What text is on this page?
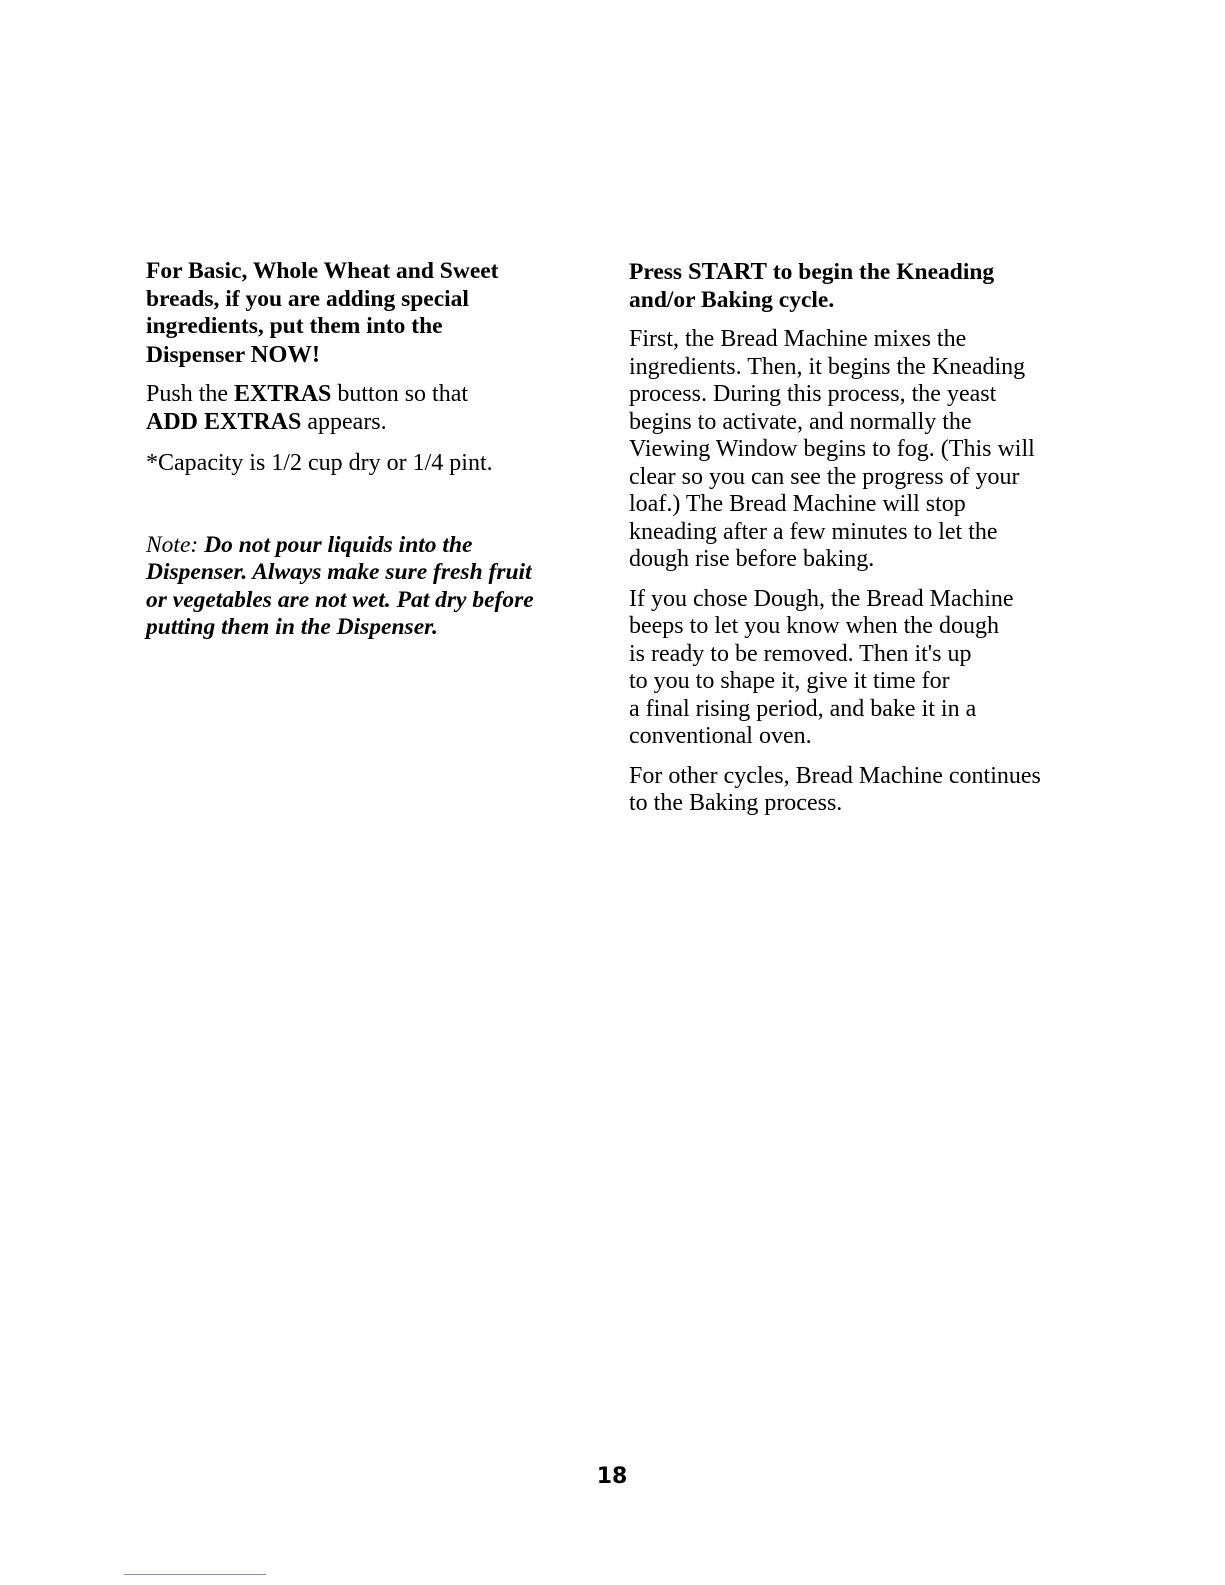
For Basic, Whole Wheat and Sweet
breads, if you are adding special
ingredients, put them into the
Dispenser NOW!

Push the EXTRAS button so that
ADD EXTRAS appears.

*Capacity is 1/2 cup dry or 1/4 pint.

Note: Do not pour liquids into the
Dispenser. Always make sure fresh fruit
or vegetables are not wet. Pat dry before
putting them in the Dispenser.

Press START to begin the Kneading
and/or Baking cycle.

First, the Bread Machine mixes the
ingredients. Then, it begins the Kneading
process. During this process, the yeast
begins to activate, and normally the
Viewing Window begins to fog. (This will
clear so you can see the progress of your
loaf.) The Bread Machine will stop
kneading after a few minutes to let the
dough rise before baking.

If you chose Dough, the Bread Machine
beeps to let you know when the dough
is ready to be removed. Then it's up
to you to shape it, give it time for
a final rising period, and bake it in a
conventional oven.

For other cycles, Bread Machine continues
to the Baking process.

18
